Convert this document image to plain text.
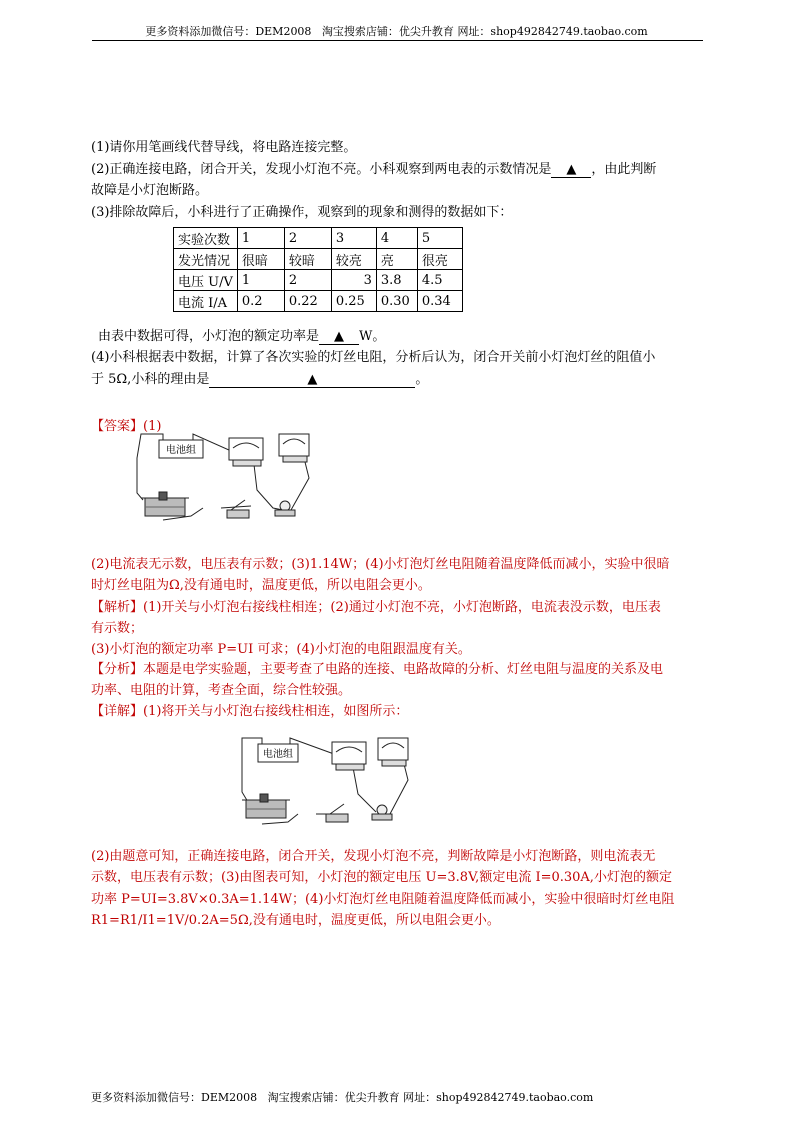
更多资料添加微信号：DEM2008 淘宝搜索店铺：优尖升教育 网址：shop492842749.taobao.com
(1)请你用笔画线代替导线，将电路连接完整。
(2)正确连接电路，闭合开关，发现小灯泡不亮。小科观察到两电表的示数情况是 ▲ ，由此判断
故障是小灯泡断路。
(3)排除故障后，小科进行了正确操作，观察到的现象和测得的数据如下：
实验次数	1	2	3	4	5
发光情况	很暗	较暗	较亮	亮	很亮
电压 U/V	1	2	3	3.8	4.5
电流 I/A	0.2	0.22	0.25	0.30	0.34
由表中数据可得，小灯泡的额定功率是 ▲ W。
(4)小科根据表中数据，计算了各次实验的灯丝电阻，分析后认为，闭合开关前小灯泡灯丝的阻值小
于 5Ω,小科的理由是	▲	。
【答案】(1)
电池组
(2)电流表无示数，电压表有示数；(3)1.14W；(4)小灯泡灯丝电阻随着温度降低而减小，实验中很暗
时灯丝电阻为Ω,没有通电时，温度更低，所以电阻会更小。
【解析】(1)开关与小灯泡右接线柱相连；(2)通过小灯泡不亮，小灯泡断路，电流表没示数，电压表
有示数；
(3)小灯泡的额定功率 P=UI 可求；(4)小灯泡的电阻跟温度有关。
【分析】本题是电学实验题，主要考查了电路的连接、电路故障的分析、灯丝电阻与温度的关系及电
功率、电阻的计算，考查全面，综合性较强。
【详解】(1)将开关与小灯泡右接线柱相连，如图所示：
电池组
(2)由题意可知，正确连接电路，闭合开关，发现小灯泡不亮，判断故障是小灯泡断路，则电流表无
示数，电压表有示数；(3)由图表可知，小灯泡的额定电压 U=3.8V,额定电流 I=0.30A,小灯泡的额定
功率 P=UI=3.8V×0.3A=1.14W；(4)小灯泡灯丝电阻随着温度降低而减小，实验中很暗时灯丝电阻
R1=R1/I1=1V/0.2A=5Ω,没有通电时，温度更低，所以电阻会更小。
更多资料添加微信号：DEM2008 淘宝搜索店铺：优尖升教育 网址：shop492842749.taobao.com
